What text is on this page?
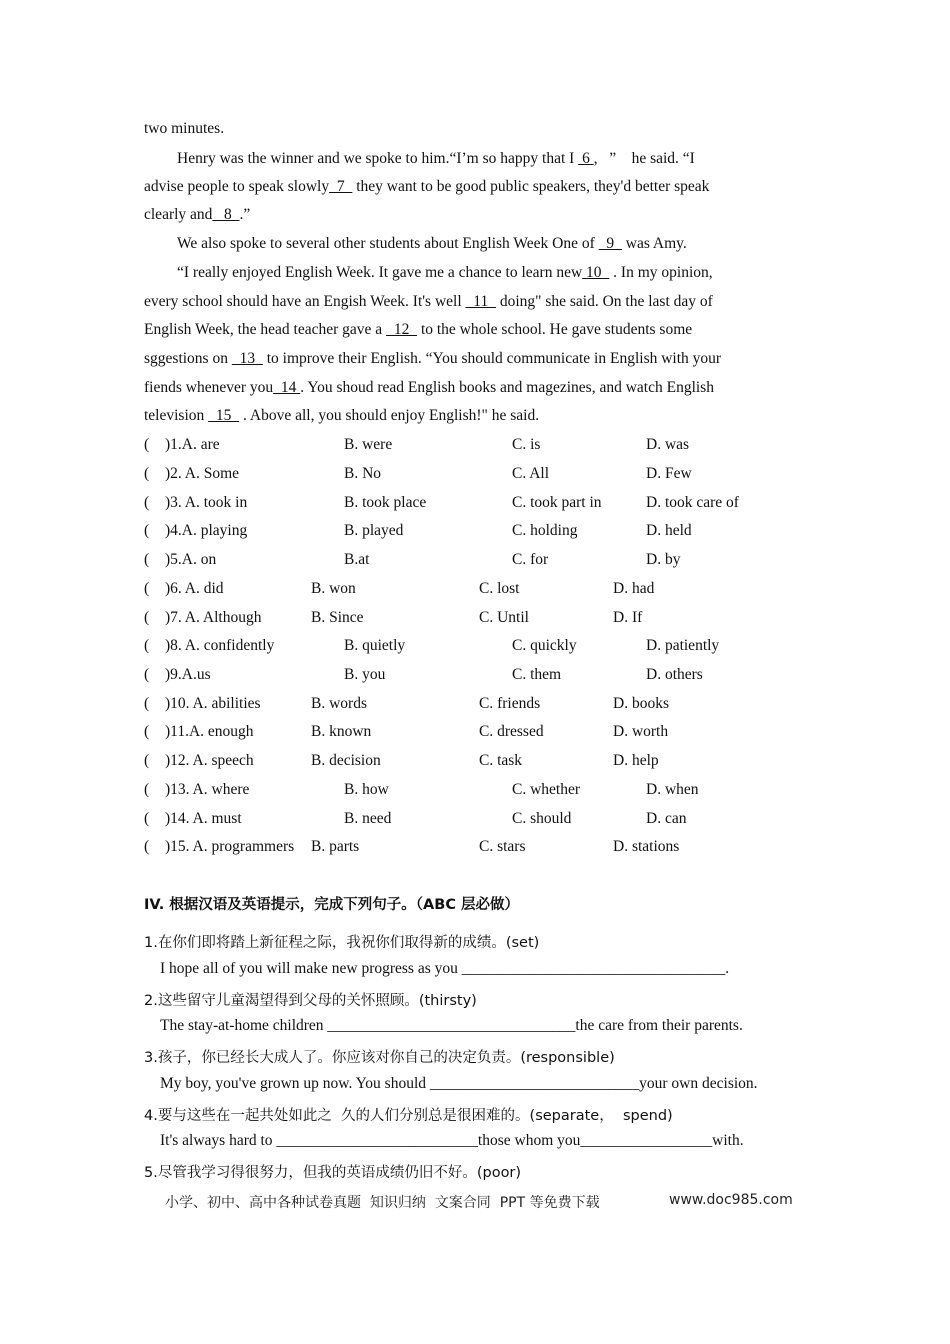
two minutes.
Henry was the winner and we spoke to him.“I’m so happy that I  6 ,   ”    he said. “I
advise people to speak slowly  7   they want to be good public speakers, they'd better speak
clearly and   8  .”
We also spoke to several other students about English Week One of   9   was Amy.
“I really enjoyed English Week. It gave me a chance to learn new 10   . In my opinion,
every school should have an Engish Week. It's well   11   doing" she said. On the last day of
English Week, the head teacher gave a   12   to the whole school. He gave students some
sggestions on   13   to improve their English. “You should communicate in English with your
fiends whenever you  14 . You shoud read English books and magezines, and watch English
television   15   . Above all, you should enjoy English!" he said.
( )1.A. are	B. were	C. is	D. was
( )2. A. Some	B. No	C. All	D. Few
( )3. A. took in	B. took place	C. took part in	D. took care of
( )4.A. playing	B. played	C. holding	D. held
( )5.A. on	B.at	C. for	D. by
( )6. A. did	B. won	C. lost	D. had
( )7. A. Although	B. Since	C. Until	D. If
( )8. A. confidently	B. quietly	C. quickly	D. patiently
( )9.A.us	B. you	C. them	D. others
( )10. A. abilities	B. words	C. friends	D. books
( )11.A. enough	B. known	C. dressed	D. worth
( )12. A. speech	B. decision	C. task	D. help
( )13. A. where	B. how	C. whether	D. when
( )14. A. must	B. need	C. should	D. can
( )15. A. programmers B. parts	C. stars	D. stations
IV. 根据汉语及英语提示，完成下列句子。（ABC 层必做）
1.在你们即将踏上新征程之际，我祝你们取得新的成绩。(set)
I hope all of you will make new progress as you __________________________________.
2.这些留守儿童渴望得到父母的关怀照顾。(thirsty)
The stay-at-home children ________________________________the care from their parents.
3.孩子，你已经长大成人了。你应该对你自己的决定负责。(responsible)
My boy, you've grown up now. You should ___________________________your own decision.
4.要与这些在一起共处如此之  久的人们分别总是很困难的。(separate，  spend)
It's always hard to __________________________those whom you_________________with.
5.尽管我学习得很努力，但我的英语成绩仍旧不好。(poor)
小学、初中、高中各种试卷真题  知识归纳  文案合同  PPT 等免费下载	www.doc985.com
